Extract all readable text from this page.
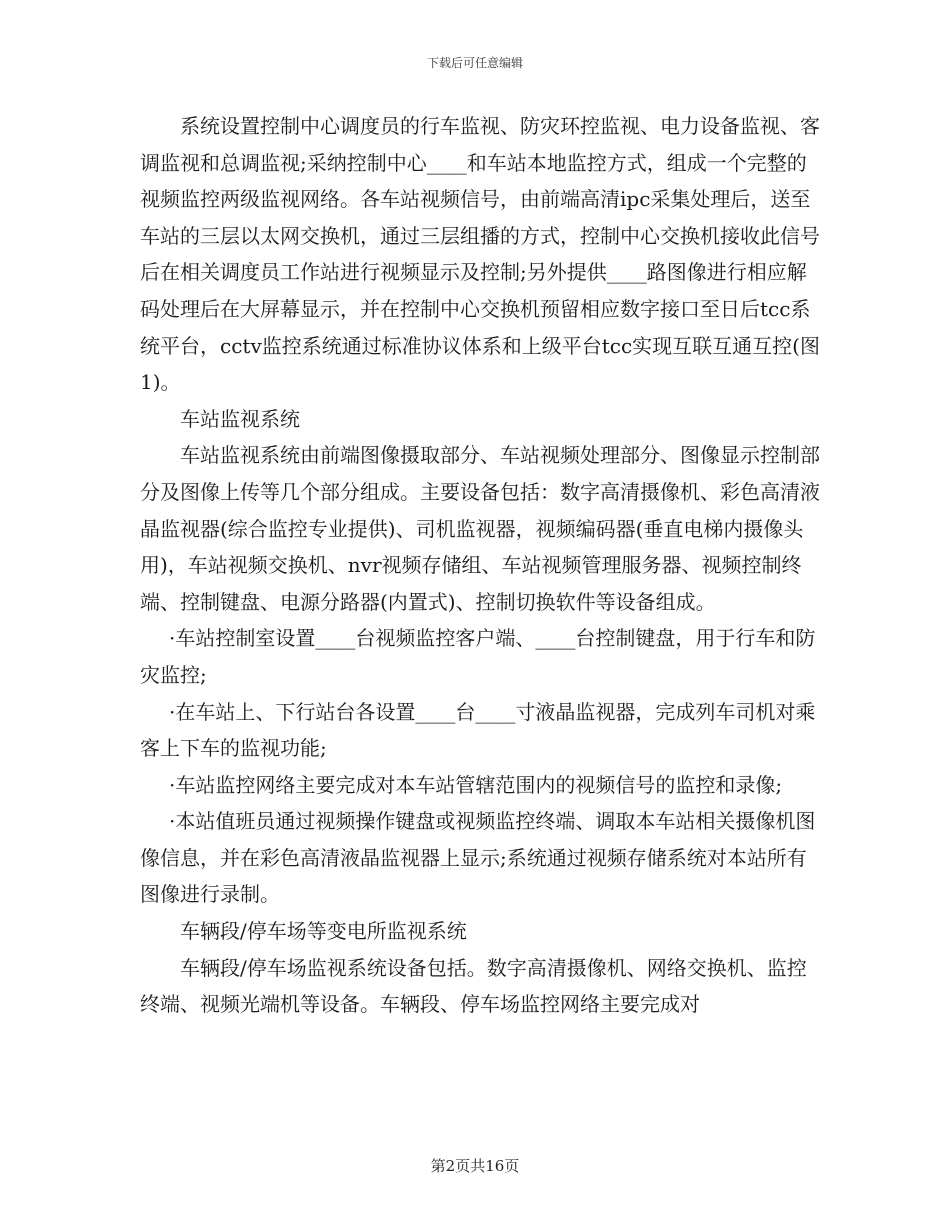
下载后可任意编辑

系统设置控制中心调度员的行车监视、防灾环控监视、电力设备监视、客调监视和总调监视;采纳控制中心____和车站本地监控方式，组成一个完整的视频监控两级监视网络。各车站视频信号，由前端高清ipc采集处理后，送至车站的三层以太网交换机，通过三层组播的方式，控制中心交换机接收此信号后在相关调度员工作站进行视频显示及控制;另外提供____路图像进行相应解码处理后在大屏幕显示，并在控制中心交换机预留相应数字接口至日后tcc系统平台，cctv监控系统通过标准协议体系和上级平台tcc实现互联互通互控(图1)。

车站监视系统

车站监视系统由前端图像摄取部分、车站视频处理部分、图像显示控制部分及图像上传等几个部分组成。主要设备包括：数字高清摄像机、彩色高清液晶监视器(综合监控专业提供)、司机监视器，视频编码器(垂直电梯内摄像头用)，车站视频交换机、nvr视频存储组、车站视频管理服务器、视频控制终端、控制键盘、电源分路器(内置式)、控制切换软件等设备组成。

·车站控制室设置____台视频监控客户端、____台控制键盘，用于行车和防灾监控;

·在车站上、下行站台各设置____台____寸液晶监视器，完成列车司机对乘客上下车的监视功能;

·车站监控网络主要完成对本车站管辖范围内的视频信号的监控和录像;

·本站值班员通过视频操作键盘或视频监控终端、调取本车站相关摄像机图像信息，并在彩色高清液晶监视器上显示;系统通过视频存储系统对本站所有图像进行录制。

车辆段/停车场等变电所监视系统

车辆段/停车场监视系统设备包括。数字高清摄像机、网络交换机、监控终端、视频光端机等设备。车辆段、停车场监控网络主要完成对

第2页共16页
